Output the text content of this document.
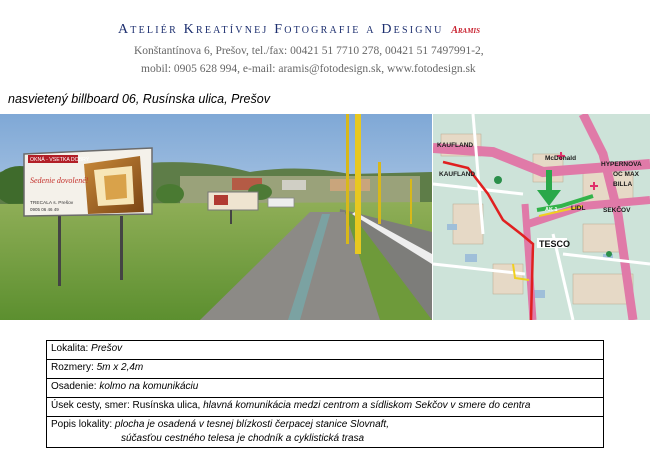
Ateliér Kreatívnej Fotografie a Designu Aramis
Konštantínova 6, Prešov, tel./fax: 00421 51 7710 278, 00421 51 7497991-2,
mobil: 0905 628 994, e-mail: aramis@fotodesign.sk, www.fotodesign.sk
nasvietený billboard 06, Rusínska ulica, Prešov
OKNÁ - VSETKA DOBRÝ
Sedenie dovolené!
TRECALA s. Prešov
0905 06 46 49
KAUFLAND
KAUFLAND
McDonald
HYPERNOVA
OC MAX
BILLA
LIDL	SEKČOV
AK 1
TESCO
Lokalita: Prešov
Rozmery: 5m x 2,4m
Osadenie: kolmo na komunikáciu
Úsek cesty, smer: Rusínska ulica, hlavná komunikácia medzi centrom a sídliskom Sekčov v smere do centra
Popis lokality: plocha je osadená v tesnej blízkosti čerpacej stanice Slovnaft,
súčasťou cestného telesa je chodník a cyklistická trasa
